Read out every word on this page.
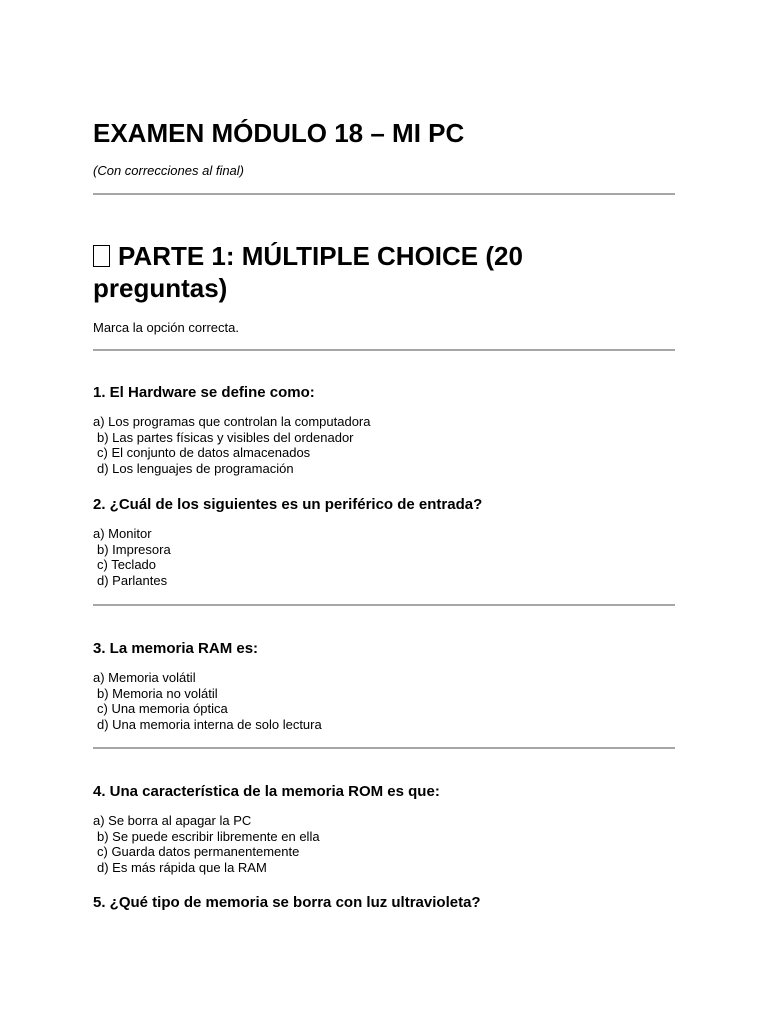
EXAMEN MÓDULO 18 – MI PC

(Con correcciones al final)

PARTE 1: MÚLTIPLE CHOICE (20 preguntas)

Marca la opción correcta.

1. El Hardware se define como:
a) Los programas que controlan la computadora
b) Las partes físicas y visibles del ordenador
c) El conjunto de datos almacenados
d) Los lenguajes de programación
2. ¿Cuál de los siguientes es un periférico de entrada?
a) Monitor
b) Impresora
c) Teclado
d) Parlantes
3. La memoria RAM es:
a) Memoria volátil
b) Memoria no volátil
c) Una memoria óptica
d) Una memoria interna de solo lectura
4. Una característica de la memoria ROM es que:
a) Se borra al apagar la PC
b) Se puede escribir libremente en ella
c) Guarda datos permanentemente
d) Es más rápida que la RAM
5. ¿Qué tipo de memoria se borra con luz ultravioleta?
